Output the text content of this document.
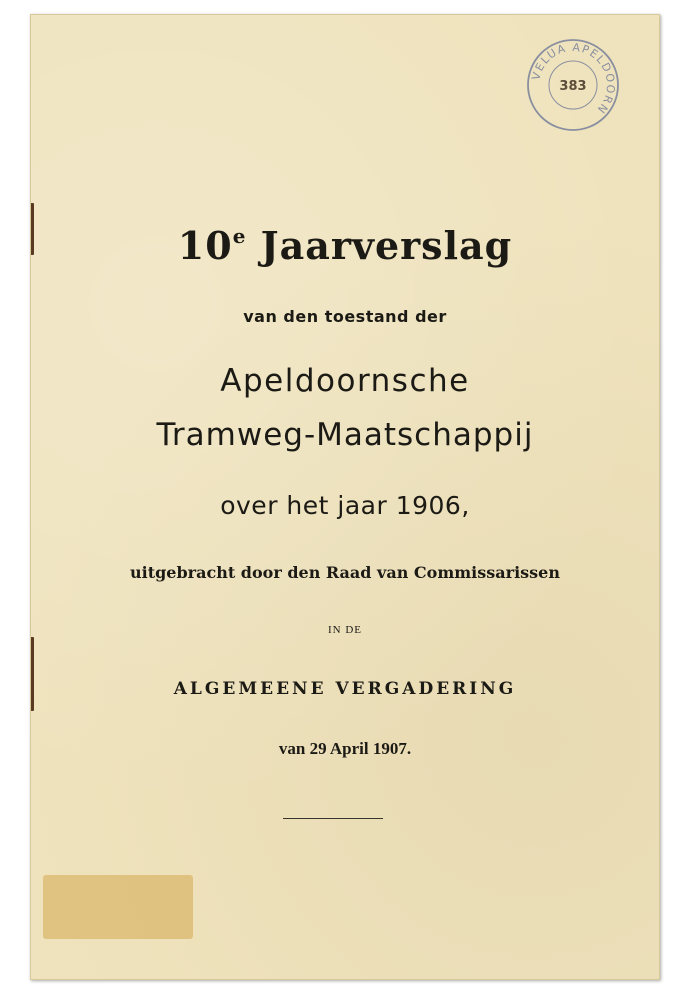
VELUA APELDOORN
383

10e Jaarverslag

van den toestand der

Apeldoornsche

Tramweg-Maatschappij

over het jaar 1906,

uitgebracht door den Raad van Commissarissen

IN DE

ALGEMEENE VERGADERING

van 29 April 1907.
